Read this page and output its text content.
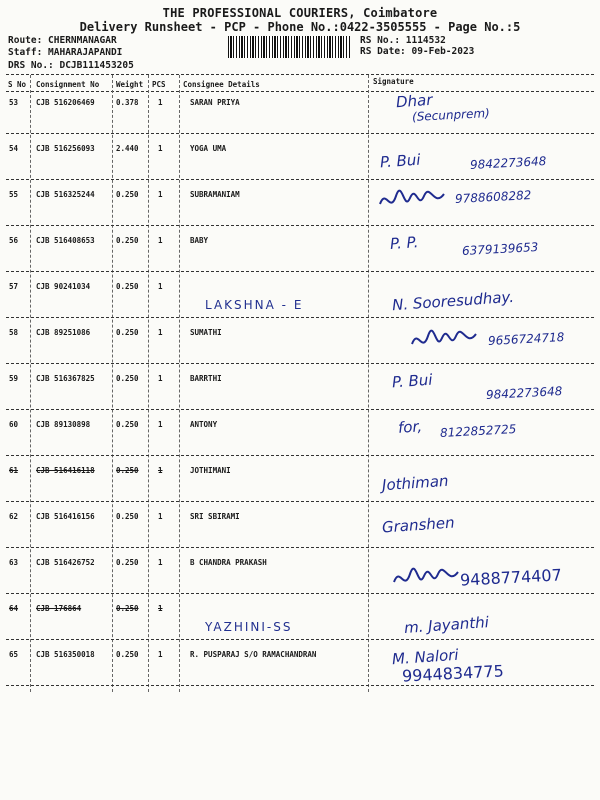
THE PROFESSIONAL COURIERS, Coimbatore
Delivery Runsheet - PCP - Phone No.:0422-3505555 - Page No.:5
Route: CHERNMANAGAR
Staff: MAHARAJAPANDI
DRS No.: DCJB111453205
RS No.: 1114532
RS Date: 09-Feb-2023
S No Consignment No Weight PCS Consignee Details	Signature
53 CJB 516206469	0.378	1	SARAN PRIYA	Dhar
(Secunprem)
54 CJB 516256093	2.440	1	YOGA UMA
P. Bui	9842273648
55 CJB 516325244	0.250	1	SUBRAMANIAM	9788608282
56 CJB 516408653	0.250	1	BABY	P. P.	6379139653
57 CJB 90241034	0.250	1
LAKSHNA - E	N. Sooresudhay.
58 CJB 89251086	0.250	1	SUMATHI	9656724718
59 CJB 516367825	0.250	1	BARRTHI	P. Bui
9842273648
60 CJB 89130898	0.250	1	ANTONY	for, 8122852725
61 CJB 516416118	0.250	1	JOTHIMANI
Jothiman
62 CJB 516416156	0.250	1	SRI SBIRAMI	Granshen
63 CJB 516426752	0.250	1	B CHANDRA PRAKASH
9488774407
64 CJB 176864	0.250	1
YAZHINI-SS	m. Jayanthi
65 CJB 516350018	0.250	1	R. PUSPARAJ S/O RAMACHANDRAN	M. Nalori
9944834775
